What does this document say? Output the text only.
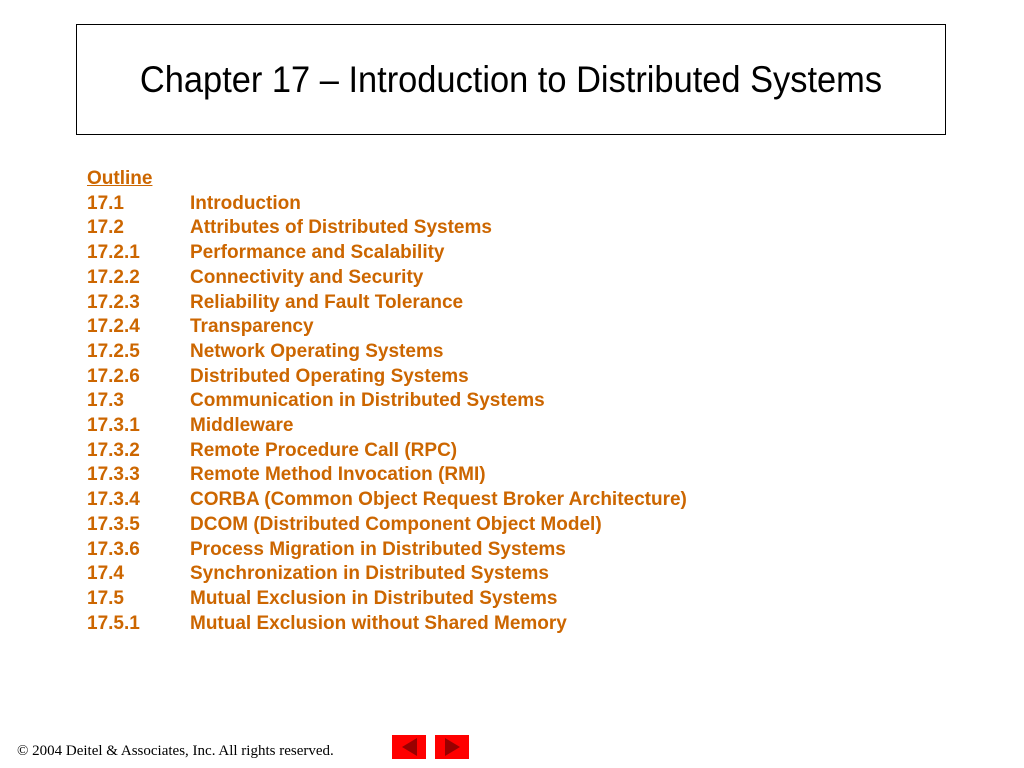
Chapter 17 – Introduction to Distributed Systems
Outline
17.1	Introduction
17.2	Attributes of Distributed Systems
17.2.1	Performance and Scalability
17.2.2	Connectivity and Security
17.2.3	Reliability and Fault Tolerance
17.2.4	Transparency
17.2.5	Network Operating Systems
17.2.6	Distributed Operating Systems
17.3	Communication in Distributed Systems
17.3.1	Middleware
17.3.2	Remote Procedure Call (RPC)
17.3.3	Remote Method Invocation (RMI)
17.3.4	CORBA (Common Object Request Broker Architecture)
17.3.5	DCOM (Distributed Component Object Model)
17.3.6	Process Migration in Distributed Systems
17.4	Synchronization in Distributed Systems
17.5	Mutual Exclusion in Distributed Systems
17.5.1	Mutual Exclusion without Shared Memory
© 2004 Deitel & Associates, Inc. All rights reserved.
